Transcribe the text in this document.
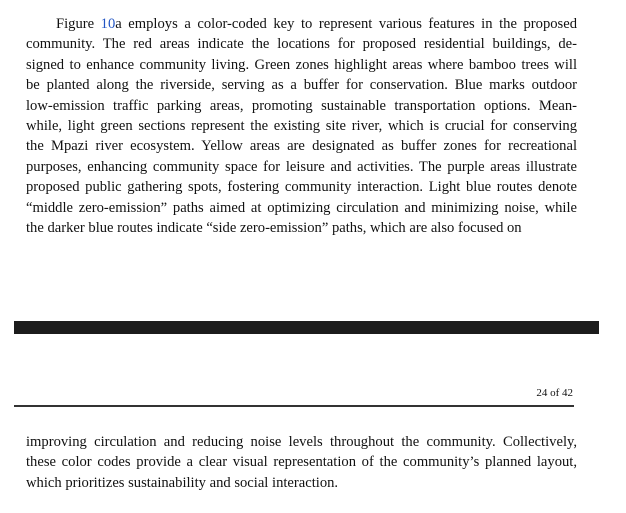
Figure 10a employs a color-coded key to represent various features in the proposed
community. The red areas indicate the locations for proposed residential buildings, de-
signed to enhance community living. Green zones highlight areas where bamboo trees will
be planted along the riverside, serving as a buffer for conservation. Blue marks outdoor
low-emission traffic parking areas, promoting sustainable transportation options. Mean-
while, light green sections represent the existing site river, which is crucial for conserving
the Mpazi river ecosystem. Yellow areas are designated as buffer zones for recreational
purposes, enhancing community space for leisure and activities. The purple areas illustrate
proposed public gathering spots, fostering community interaction. Light blue routes denote
“middle zero-emission” paths aimed at optimizing circulation and minimizing noise, while
the darker blue routes indicate “side zero-emission” paths, which are also focused on
24 of 42
improving circulation and reducing noise levels throughout the community. Collectively,
these color codes provide a clear visual representation of the community’s planned layout,
which prioritizes sustainability and social interaction.
